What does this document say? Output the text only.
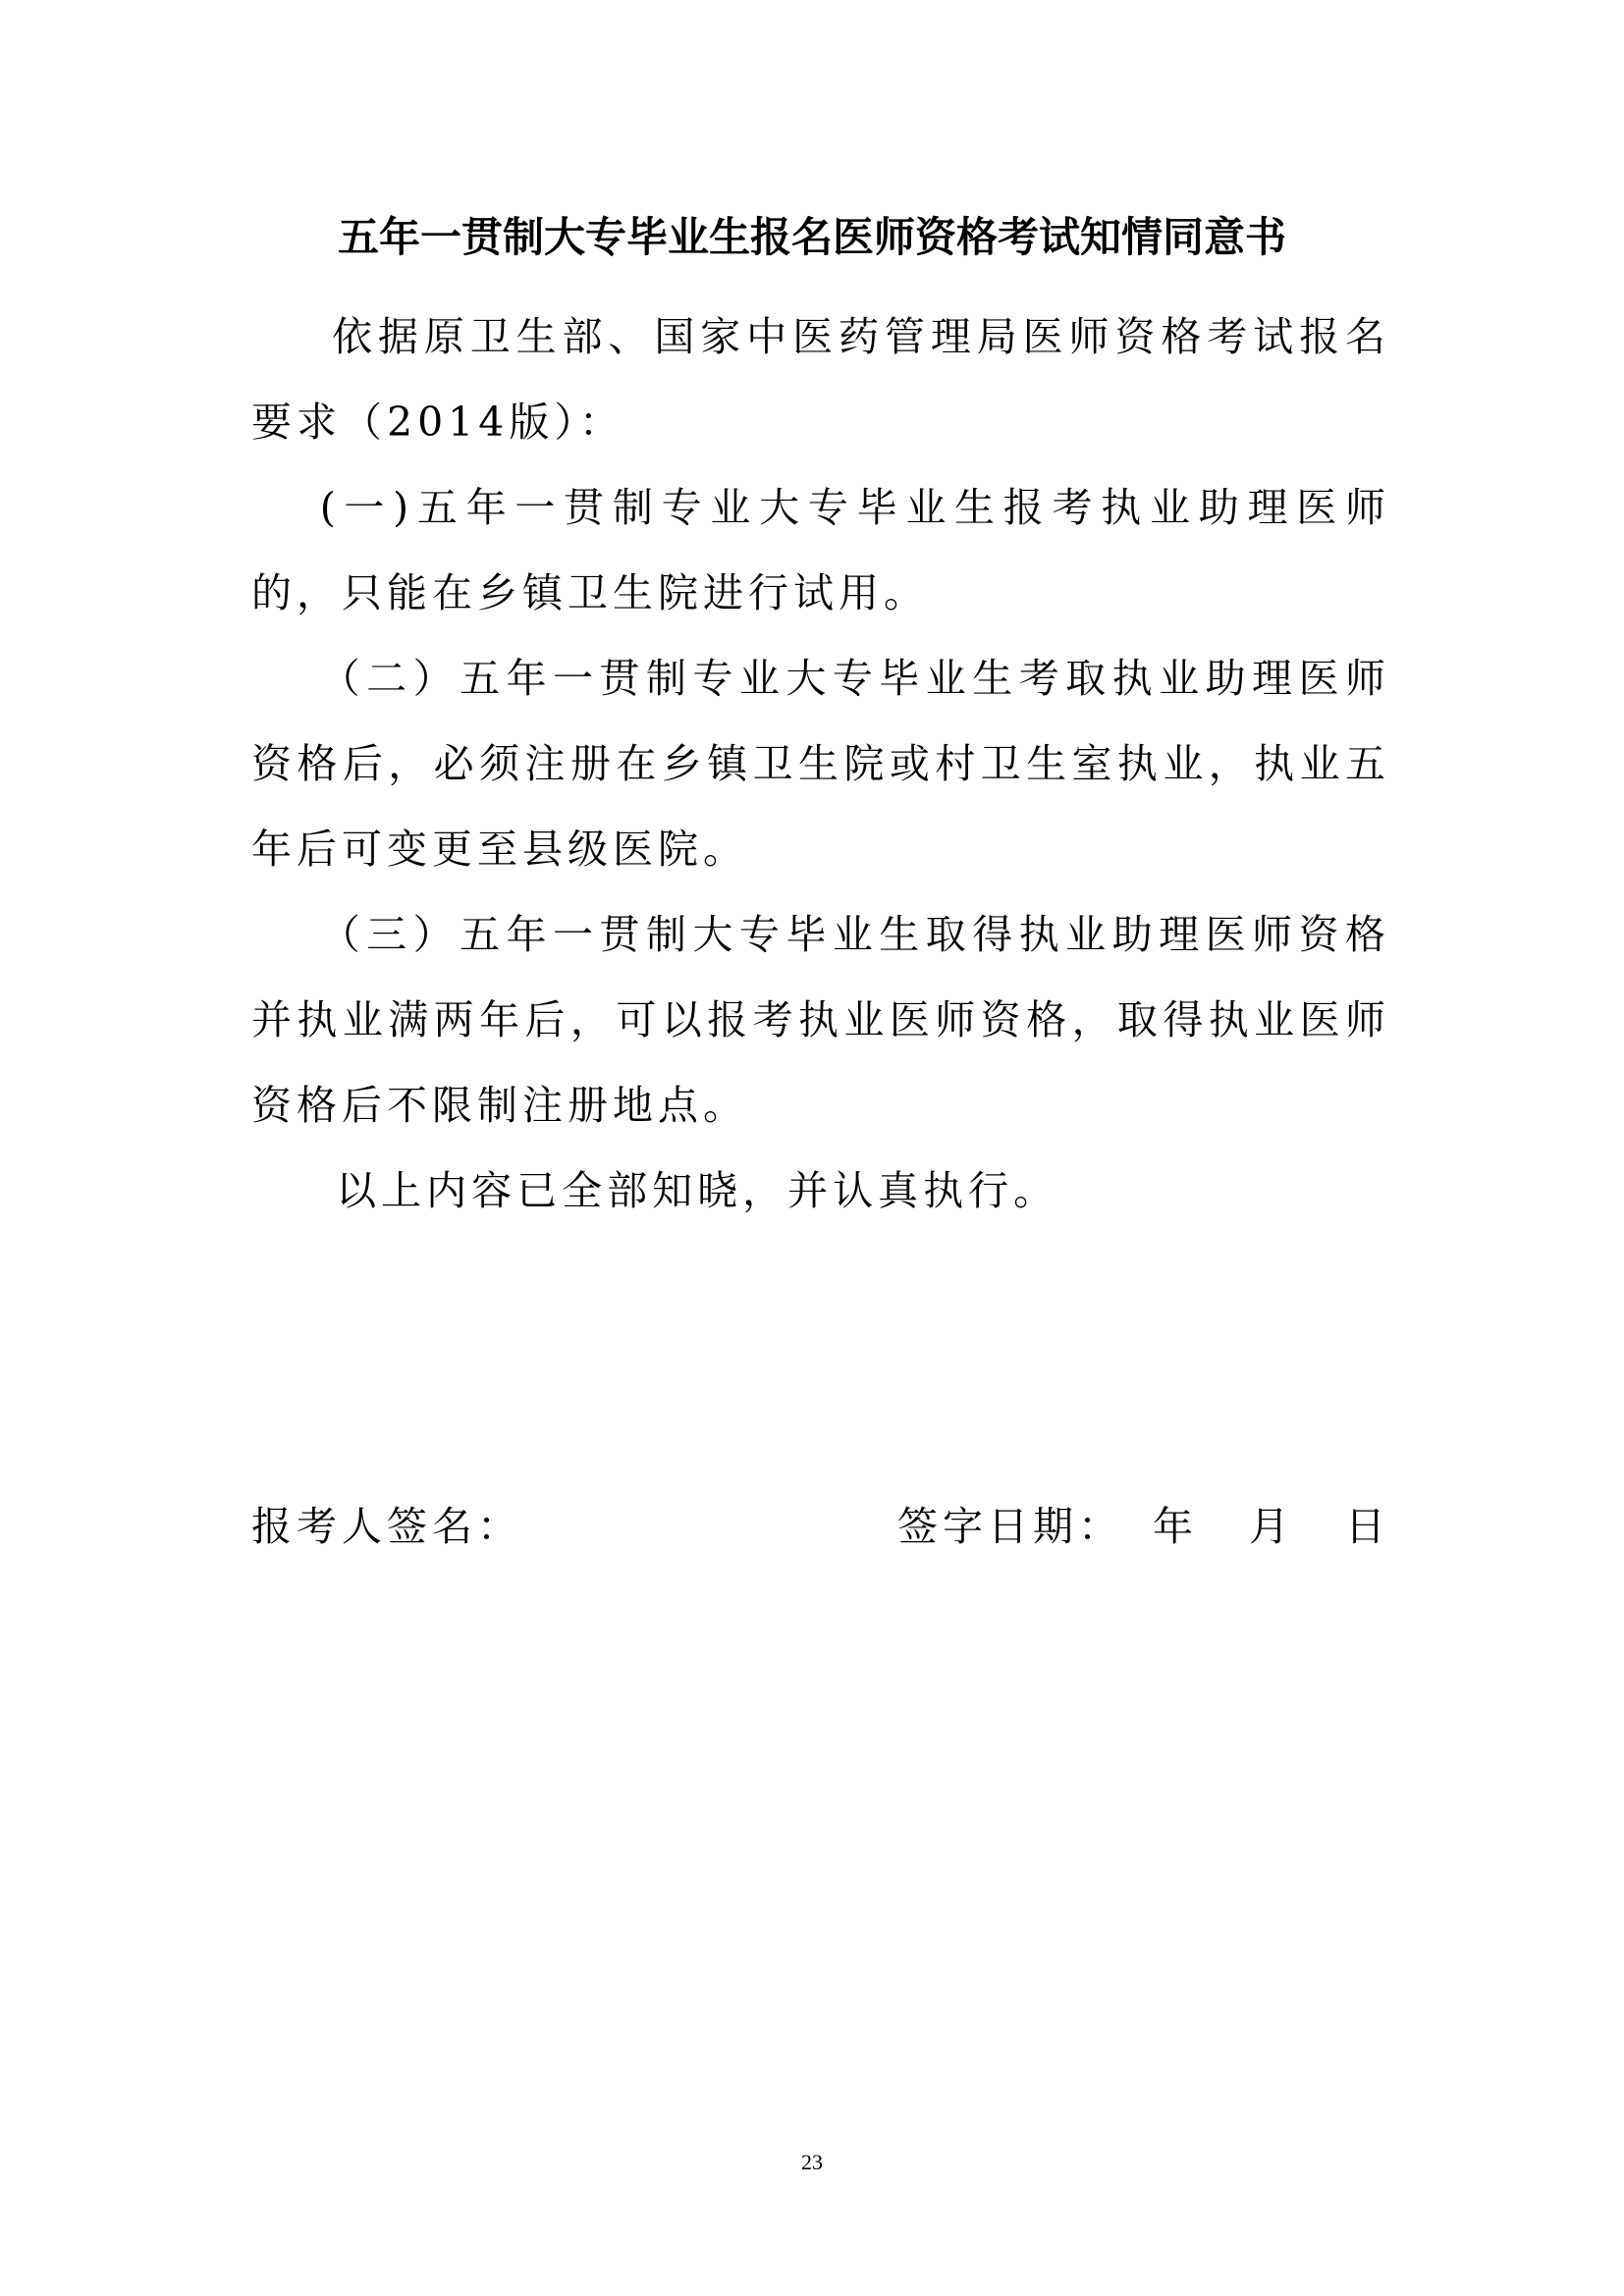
五年一贯制大专毕业生报名医师资格考试知情同意书

依据原卫生部、国家中医药管理局医师资格考试报名要求（2014版）：

(一)五年一贯制专业大专毕业生报考执业助理医师的，只能在乡镇卫生院进行试用。

（二）五年一贯制专业大专毕业生考取执业助理医师资格后，必须注册在乡镇卫生院或村卫生室执业，执业五年后可变更至县级医院。

（三）五年一贯制大专毕业生取得执业助理医师资格并执业满两年后，可以报考执业医师资格，取得执业医师资格后不限制注册地点。

以上内容已全部知晓，并认真执行。

报考人签名：	签字日期： 年 月 日
23
